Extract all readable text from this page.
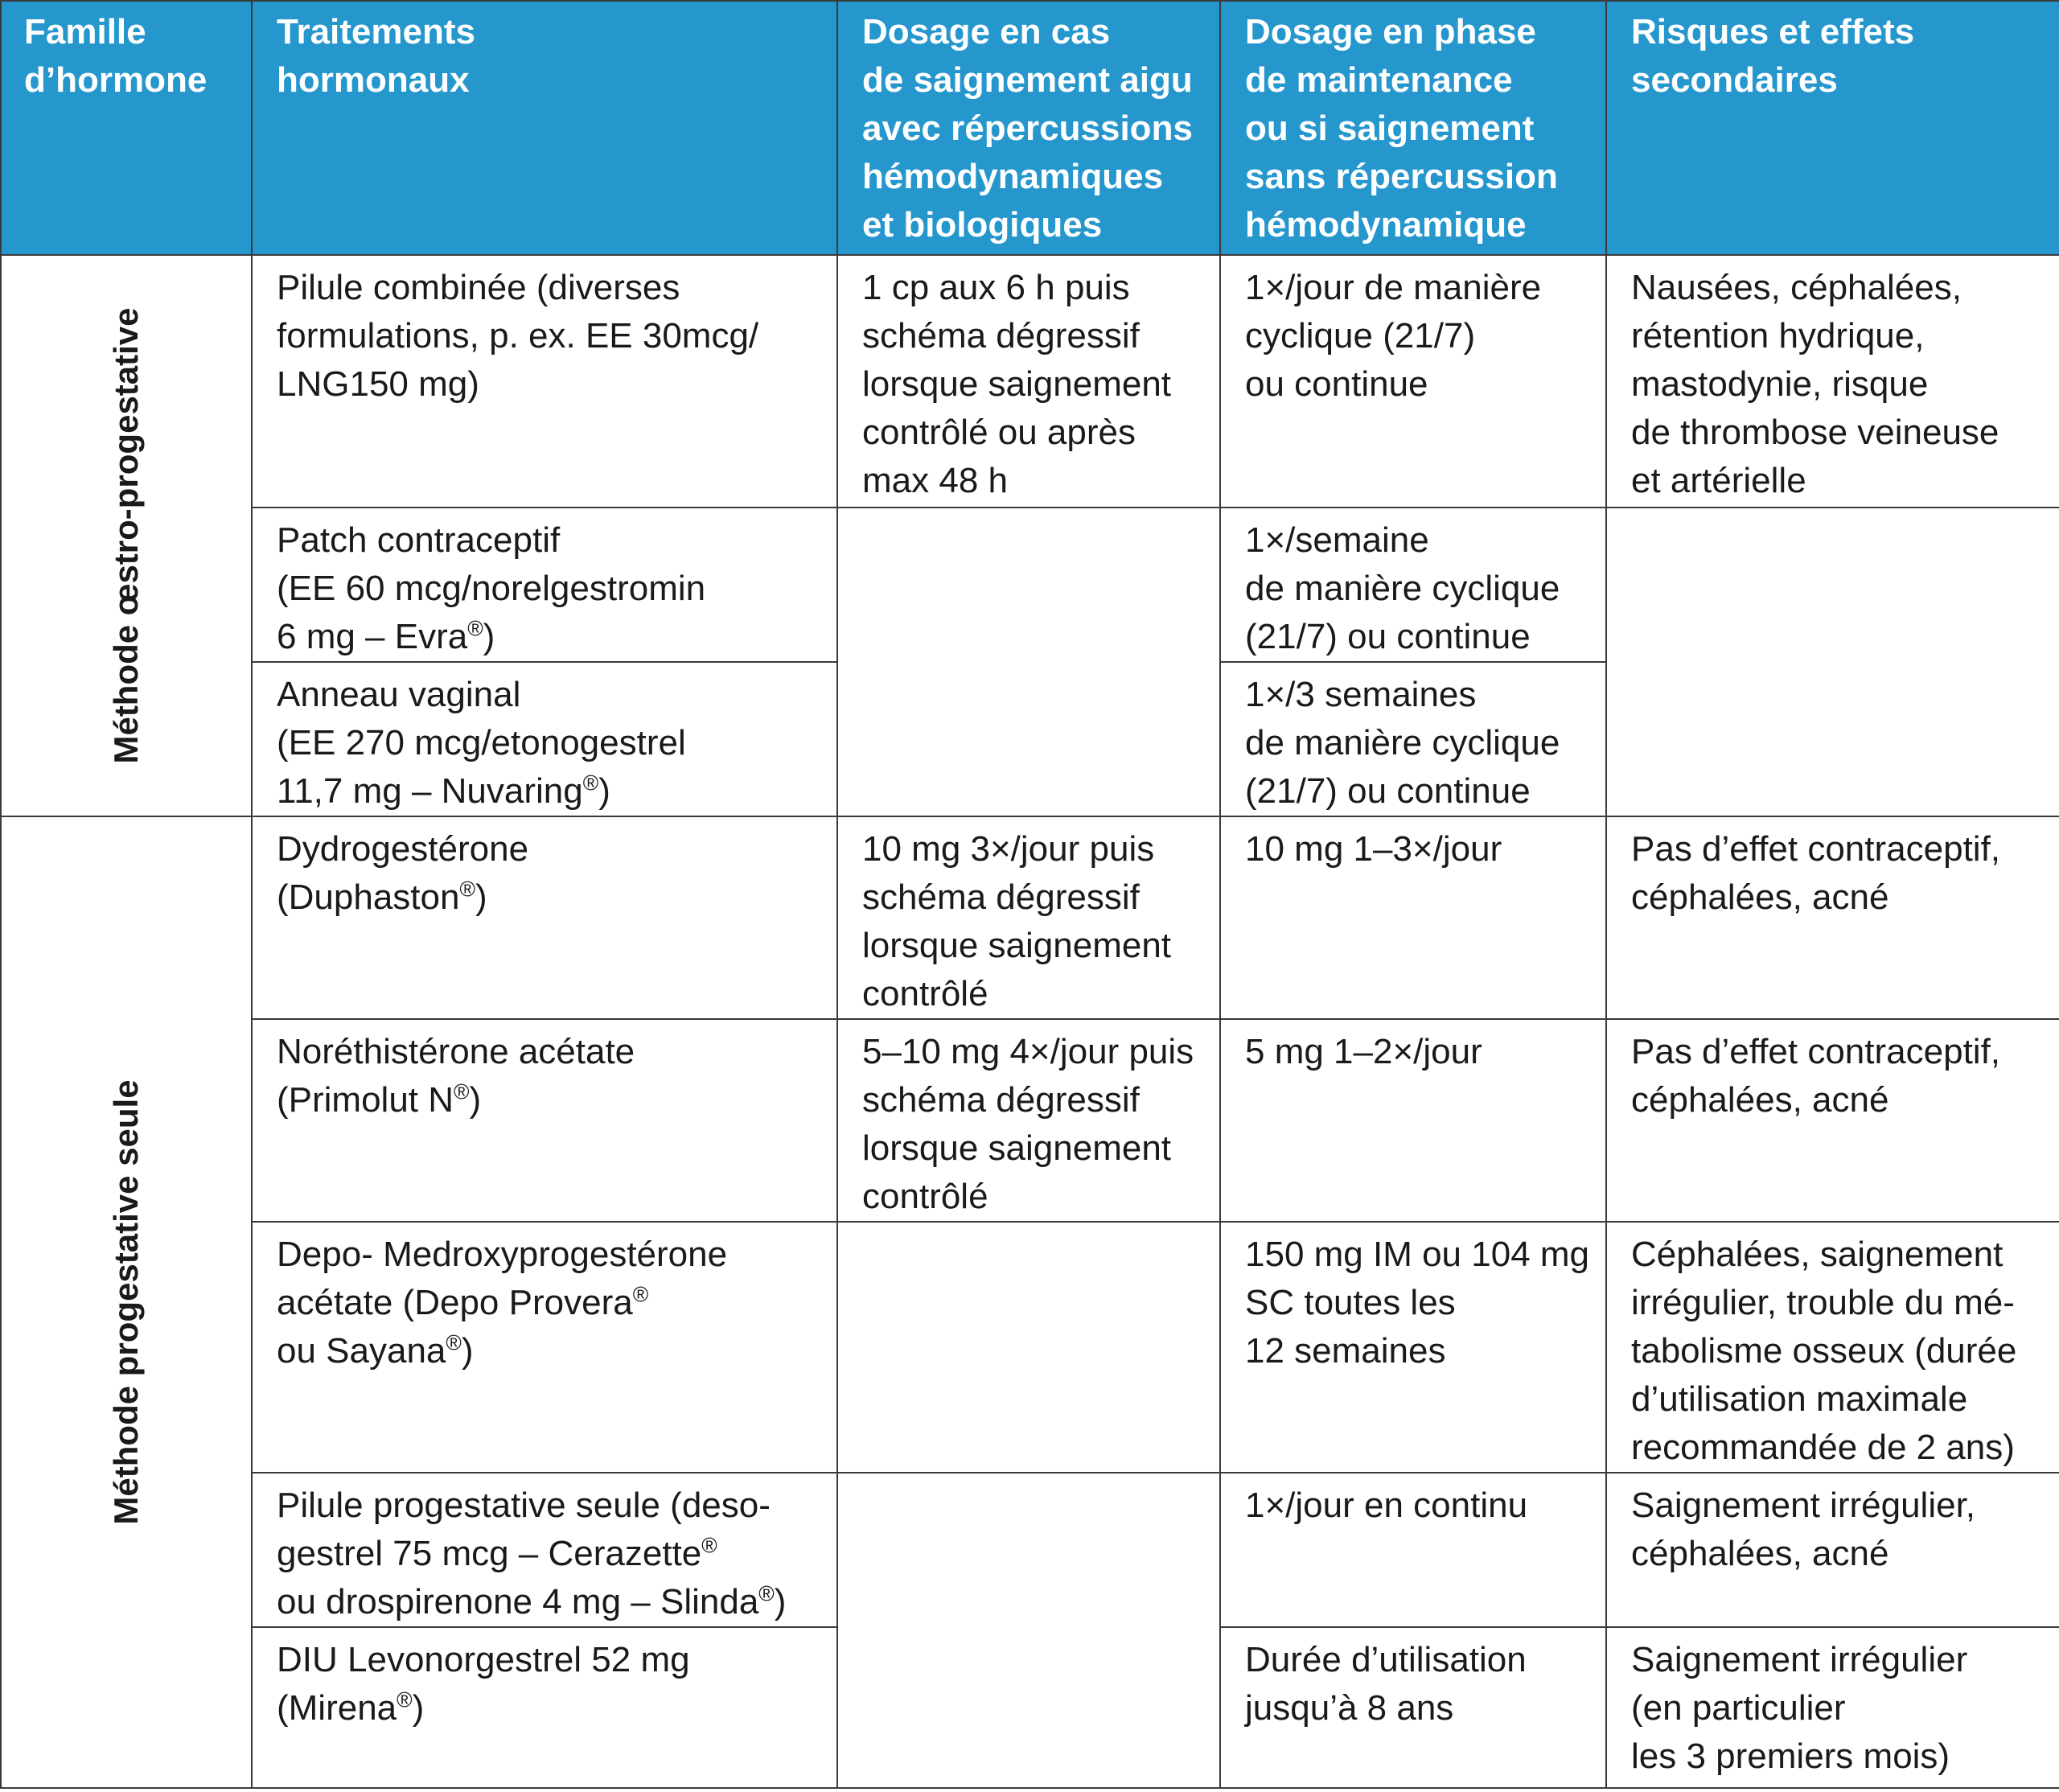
Famille
d’hormone	Traitements
hormonaux	Dosage en cas
de saignement aigu
avec répercussions
hémodynamiques
et biologiques	Dosage en phase
de maintenance
ou si saignement
sans répercussion
hémodynamique	Risques et effets
secondaires

Méthode œstro-progestative	Pilule combinée (diverses
formulations, p. ex. EE 30mcg/
LNG150 mg)	1 cp aux 6 h puis
schéma dégressif
lorsque saignement
contrôlé ou après
max 48 h	1×/jour de manière
cyclique (21/7)
ou continue	Nausées, céphalées,
rétention hydrique,
mastodynie, risque
de thrombose veineuse
et artérielle
	Patch contraceptif
(EE 60 mcg/norelgestromin
6 mg – Evra®)		1×/semaine
de manière cyclique
(21/7) ou continue	
	Anneau vaginal
(EE 270 mcg/etonogestrel
11,7 mg – Nuvaring®)		1×/3 semaines
de manière cyclique
(21/7) ou continue	

Méthode progestative seule	Dydrogestérone
(Duphaston®)	10 mg 3×/jour puis
schéma dégressif
lorsque saignement
contrôlé	10 mg 1–3×/jour	Pas d’effet contraceptif,
céphalées, acné
	Noréthistérone acétate
(Primolut N®)	5–10 mg 4×/jour puis
schéma dégressif
lorsque saignement
contrôlé	5 mg 1–2×/jour	Pas d’effet contraceptif,
céphalées, acné
	Depo- Medroxyprogestérone
acétate (Depo Provera®
ou Sayana®)		150 mg IM ou 104 mg
SC toutes les
12 semaines	Céphalées, saignement
irrégulier, trouble du mé-
tabolisme osseux (durée
d’utilisation maximale
recommandée de 2 ans)
	Pilule progestative seule (deso-
gestrel 75 mcg – Cerazette®
ou drospirenone 4 mg – Slinda®)		1×/jour en continu	Saignement irrégulier,
céphalées, acné
	DIU Levonorgestrel 52 mg
(Mirena®)		Durée d’utilisation
jusqu’à 8 ans	Saignement irrégulier
(en particulier
les 3 premiers mois)
